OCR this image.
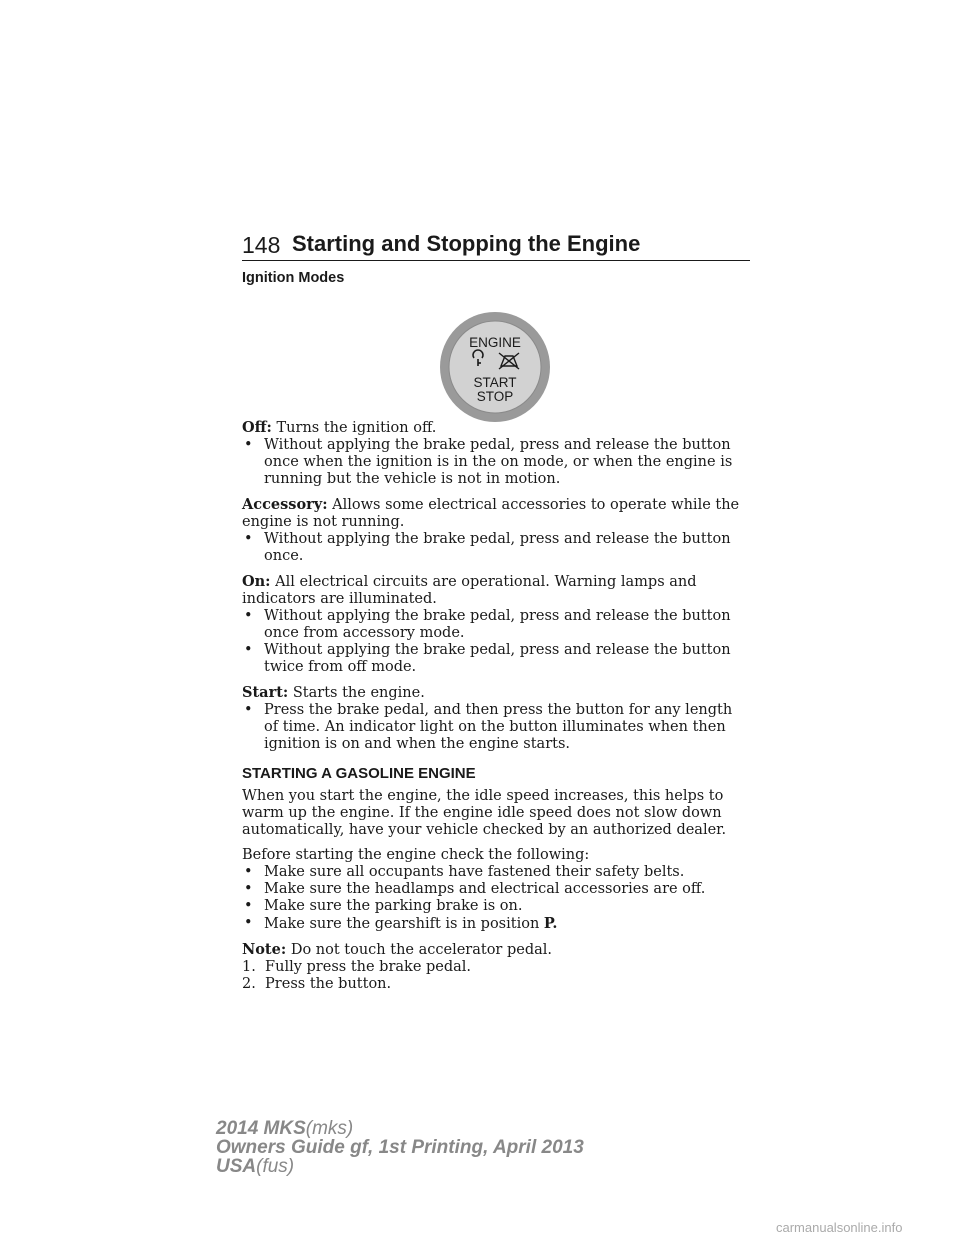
148 Starting and Stopping the Engine
Ignition Modes
ENGINE
START
STOP

Off: Turns the ignition off.

• Without applying the brake pedal, press and release the button once when the ignition is in the on mode, or when the engine is running but the vehicle is not in motion.

Accessory: Allows some electrical accessories to operate while the engine is not running.

• Without applying the brake pedal, press and release the button once.

On: All electrical circuits are operational. Warning lamps and indicators are illuminated.

• Without applying the brake pedal, press and release the button once from accessory mode.
• Without applying the brake pedal, press and release the button twice from off mode.

Start: Starts the engine.

• Press the brake pedal, and then press the button for any length of time. An indicator light on the button illuminates when then ignition is on and when the engine starts.
STARTING A GASOLINE ENGINE

When you start the engine, the idle speed increases, this helps to warm up the engine. If the engine idle speed does not slow down automatically, have your vehicle checked by an authorized dealer.

Before starting the engine check the following:

• Make sure all occupants have fastened their safety belts.
• Make sure the headlamps and electrical accessories are off.
• Make sure the parking brake is on.
• Make sure the gearshift is in position P.

Note: Do not touch the accelerator pedal.

1.  Fully press the brake pedal.

2.  Press the button.

2014 MKS(mks)
Owners Guide gf, 1st Printing, April 2013
USA(fus)
carmanualsonline.info
